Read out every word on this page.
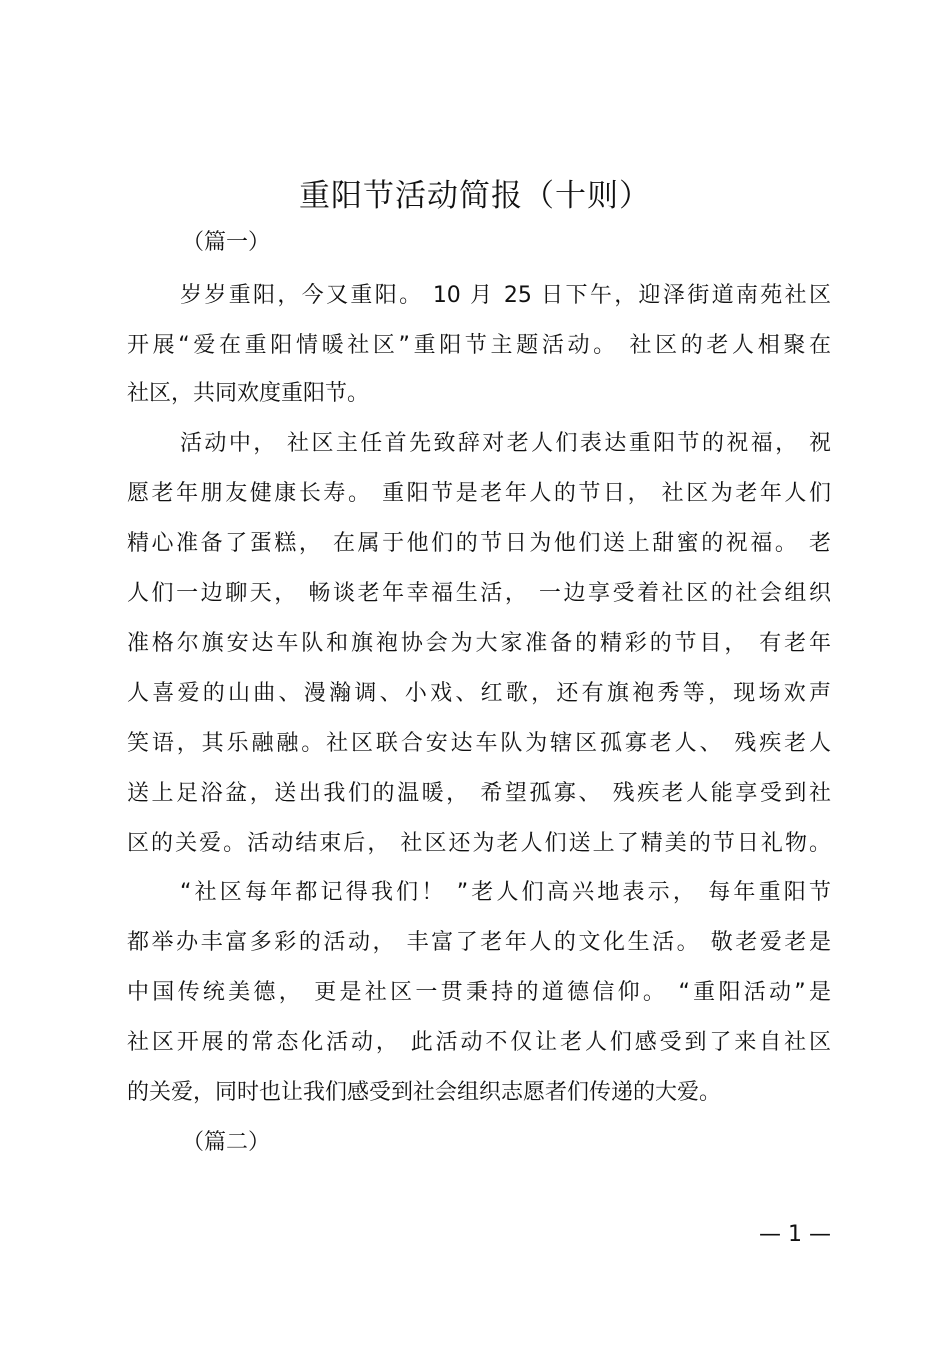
重阳节活动简报（十则）

（篇一）

岁岁重阳，今又重阳。 10 月 25 日下午，迎泽街道南苑社区

开展“爱在重阳情暖社区”重阳节主题活动。 社区的老人相聚在

社区，共同欢度重阳节。

活动中， 社区主任首先致辞对老人们表达重阳节的祝福， 祝

愿老年朋友健康长寿。 重阳节是老年人的节日， 社区为老年人们

精心准备了蛋糕， 在属于他们的节日为他们送上甜蜜的祝福。 老

人们一边聊天， 畅谈老年幸福生活， 一边享受着社区的社会组织

准格尔旗安达车队和旗袍协会为大家准备的精彩的节目， 有老年

人喜爱的山曲、漫瀚调、小戏、红歌，还有旗袍秀等，现场欢声

笑语，其乐融融。社区联合安达车队为辖区孤寡老人、 残疾老人

送上足浴盆，送出我们的温暖， 希望孤寡、 残疾老人能享受到社

区的关爱。活动结束后， 社区还为老人们送上了精美的节日礼物。

“社区每年都记得我们！ ”老人们高兴地表示， 每年重阳节

都举办丰富多彩的活动， 丰富了老年人的文化生活。 敬老爱老是

中国传统美德， 更是社区一贯秉持的道德信仰。 “重阳活动”是

社区开展的常态化活动， 此活动不仅让老人们感受到了来自社区

的关爱，同时也让我们感受到社会组织志愿者们传递的大爱。

（篇二）

— 1 —
